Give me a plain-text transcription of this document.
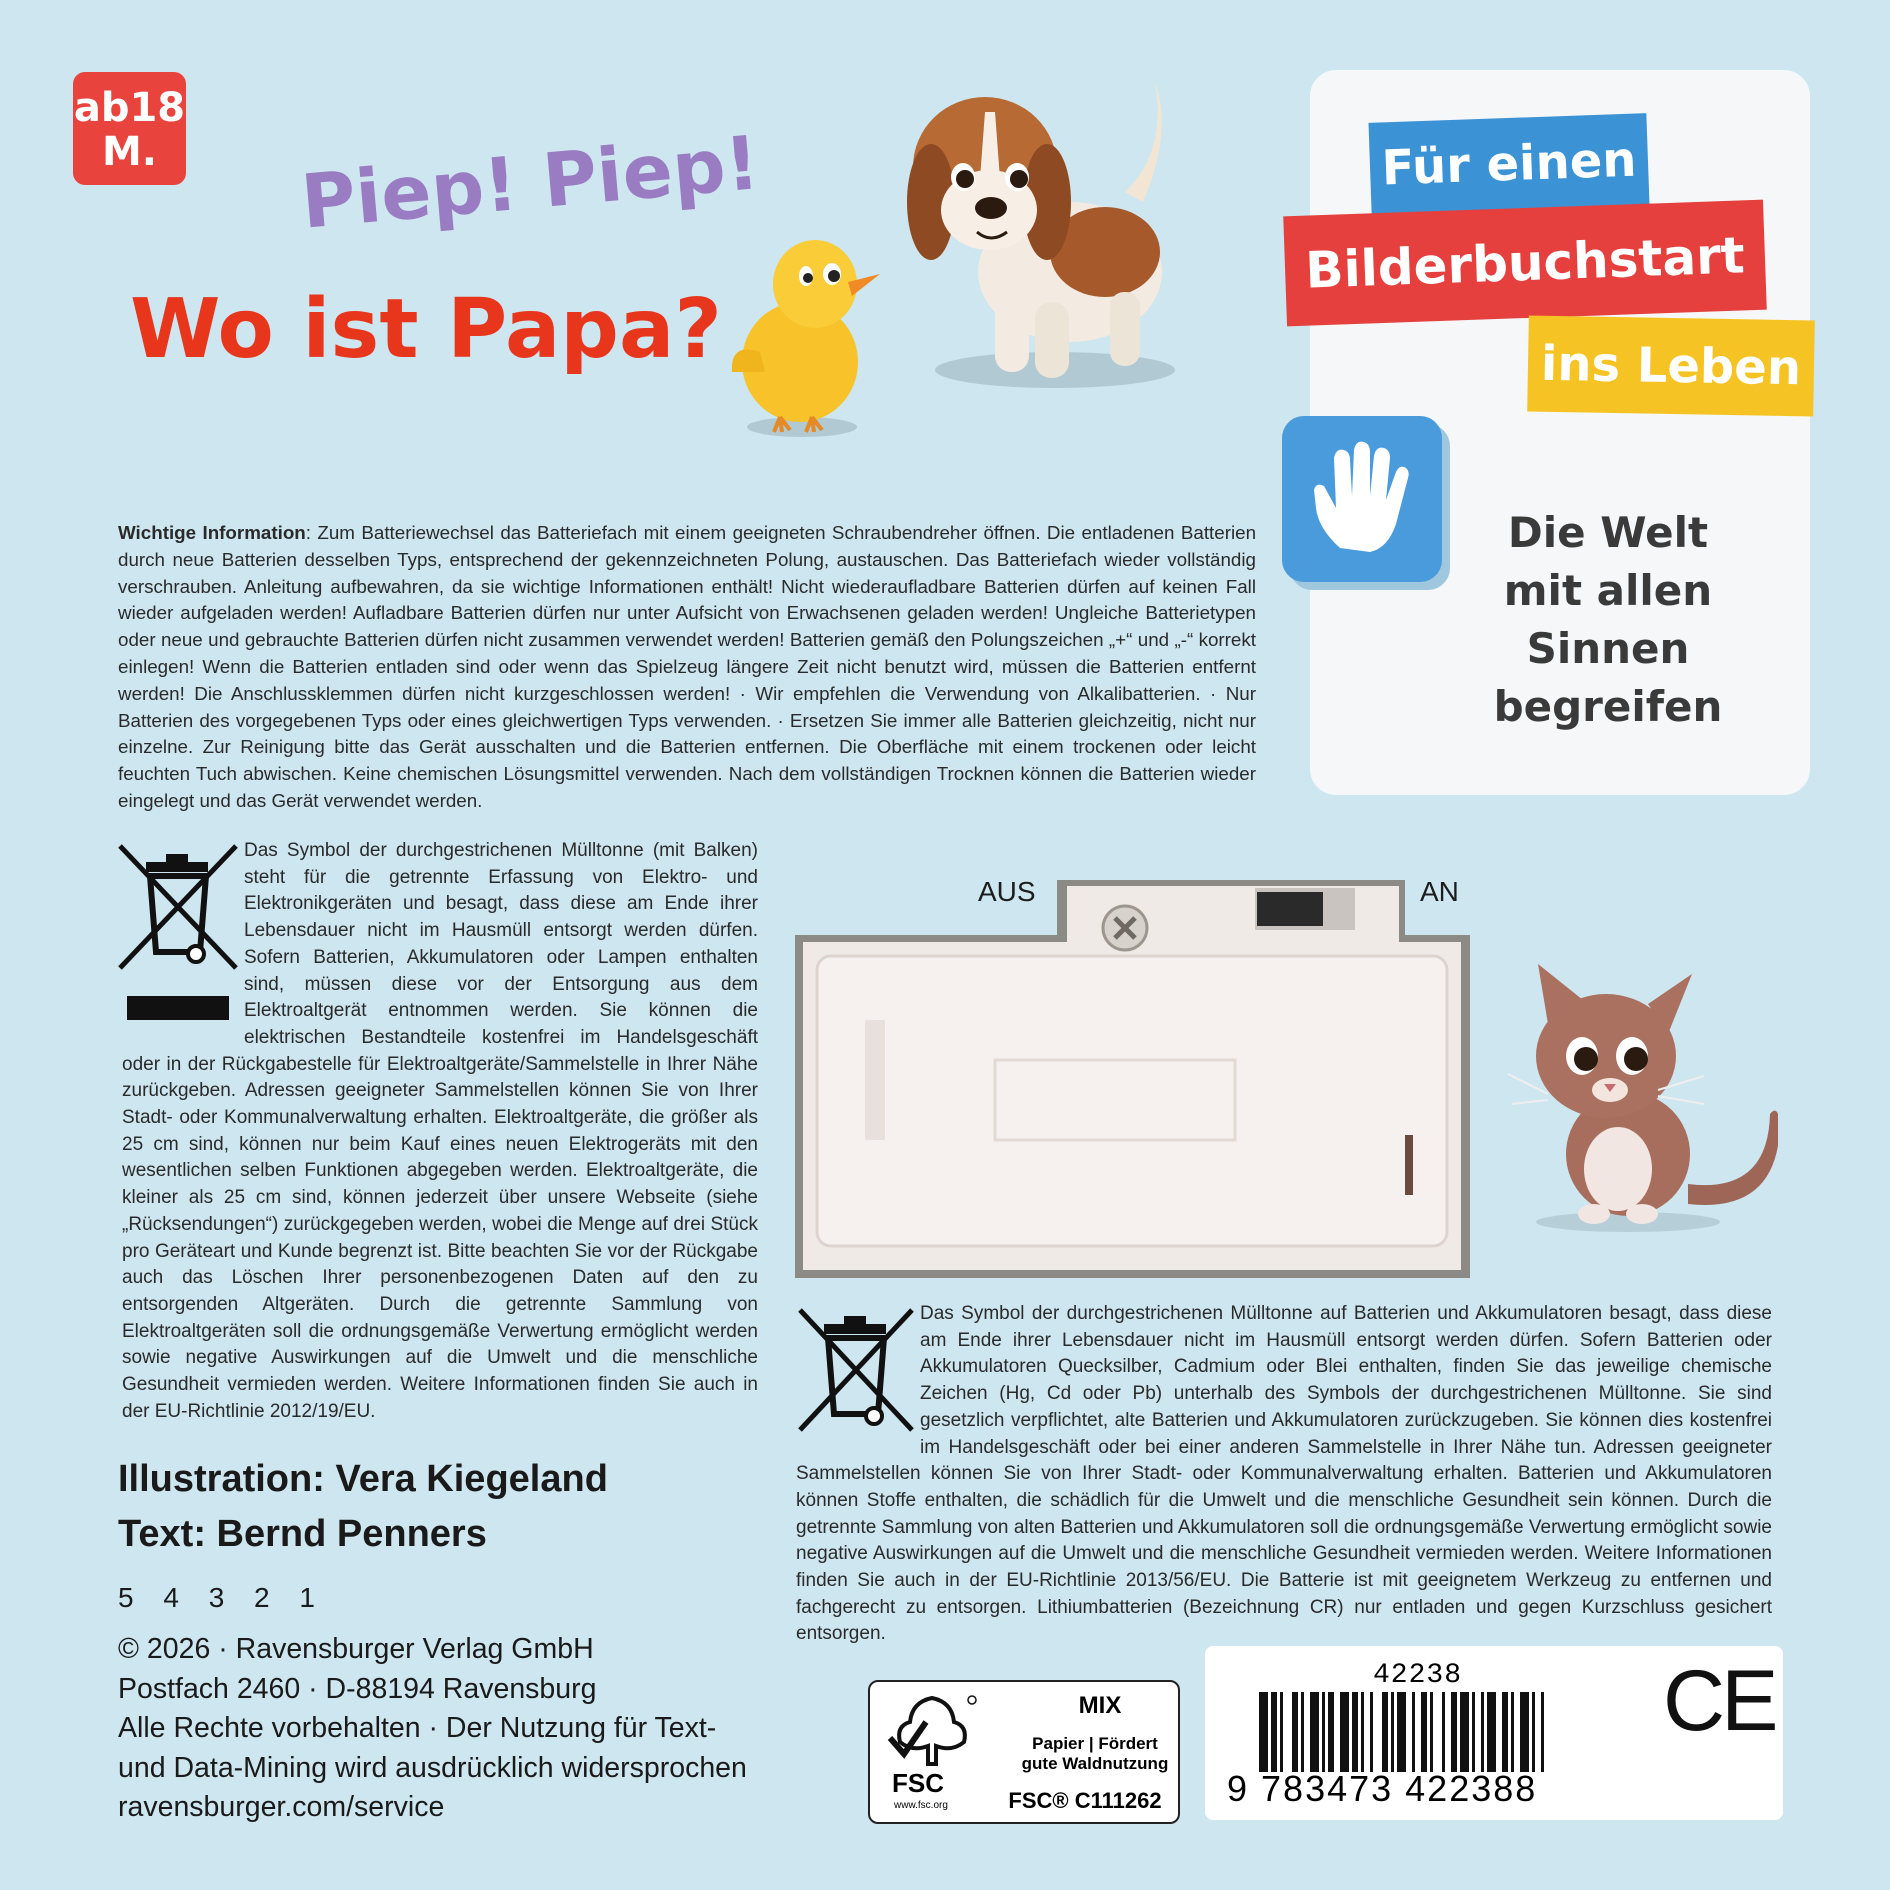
ab18
M.	Piep! Piep!
Wo ist Papa?
Für einen
Bilderbuchstart
ins Leben
Die Welt
mit allen
Sinnen
begreifen
Wichtige Information: Zum Batteriewechsel das Batteriefach mit einem geeigneten Schraubendreher öffnen. Die entladenen Batterien durch neue Batterien desselben Typs, entsprechend der gekennzeichneten Polung, austauschen. Das Batteriefach wieder vollständig verschrauben. Anleitung aufbewahren, da sie wichtige Informationen enthält! Nicht wiederaufladbare Batterien dürfen auf keinen Fall wieder aufgeladen werden! Aufladbare Batterien dürfen nur unter Aufsicht von Erwachsenen geladen werden! Ungleiche Batterietypen oder neue und gebrauchte Batterien dürfen nicht zusammen verwendet werden! Batterien gemäß den Polungszeichen „+“ und „-“ korrekt einlegen! Wenn die Batterien entladen sind oder wenn das Spielzeug längere Zeit nicht benutzt wird, müssen die Batterien entfernt werden! Die Anschlussklemmen dürfen nicht kurzgeschlossen werden! · Wir empfehlen die Verwendung von Alkalibatterien. · Nur Batterien des vorgegebenen Typs oder eines gleichwertigen Typs verwenden. · Ersetzen Sie immer alle Batterien gleichzeitig, nicht nur einzelne. Zur Reinigung bitte das Gerät ausschalten und die Batterien entfernen. Die Oberfläche mit einem trockenen oder leicht feuchten Tuch abwischen. Keine chemischen Lösungsmittel verwenden. Nach dem vollständigen Trocknen können die Batterien wieder eingelegt und das Gerät verwendet werden.
Das Symbol der durchgestrichenen Mülltonne (mit Balken) steht für die getrennte Erfassung von Elektro- und Elektronikgeräten und besagt, dass diese am Ende ihrer Lebensdauer nicht im Hausmüll entsorgt werden dürfen. Sofern Batterien, Akkumulatoren oder Lampen enthalten sind, müssen diese vor der Entsorgung aus dem Elektroaltgerät entnommen werden. Sie können die elektrischen Bestandteile kostenfrei im Handelsgeschäft oder in der Rückgabestelle für Elektroaltgeräte/Sammelstelle in Ihrer Nähe zurückgeben. Adressen geeigneter Sammelstellen können Sie von Ihrer Stadt- oder Kommunalverwaltung erhalten. Elektroaltgeräte, die größer als 25 cm sind, können nur beim Kauf eines neuen Elektrogeräts mit den wesentlichen selben Funktionen abgegeben werden. Elektroaltgeräte, die kleiner als 25 cm sind, können jederzeit über unsere Webseite (siehe „Rücksendungen“) zurückgegeben werden, wobei die Menge auf drei Stück pro Geräteart und Kunde begrenzt ist. Bitte beachten Sie vor der Rückgabe auch das Löschen Ihrer personenbezogenen Daten auf den zu entsorgenden Altgeräten. Durch die getrennte Sammlung von Elektroaltgeräten soll die ordnungsgemäße Verwertung ermöglicht werden sowie negative Auswirkungen auf die Umwelt und die menschliche Gesundheit vermieden werden. Weitere Informationen finden Sie auch in der EU-Richtlinie 2012/19/EU.
AUS	AN
Das Symbol der durchgestrichenen Mülltonne auf Batterien und Akkumulatoren besagt, dass diese am Ende ihrer Lebensdauer nicht im Hausmüll entsorgt werden dürfen. Sofern Batterien oder Akkumulatoren Quecksilber, Cadmium oder Blei enthalten, finden Sie das jeweilige chemische Zeichen (Hg, Cd oder Pb) unterhalb des Symbols der durchgestrichenen Mülltonne. Sie sind gesetzlich verpflichtet, alte Batterien und Akkumulatoren zurückzugeben. Sie können dies kostenfrei im Handelsgeschäft oder bei einer anderen Sammelstelle in Ihrer Nähe tun. Adressen geeigneter Sammelstellen können Sie von Ihrer Stadt- oder Kommunalverwaltung erhalten. Batterien und Akkumulatoren können Stoffe enthalten, die schädlich für die Umwelt und die menschliche Gesundheit sein können. Durch die getrennte Sammlung von alten Batterien und Akkumulatoren soll die ordnungsgemäße Verwertung ermöglicht sowie negative Auswirkungen auf die Umwelt und die menschliche Gesundheit vermieden werden. Weitere Informationen finden Sie auch in der EU-Richtlinie 2013/56/EU. Die Batterie ist mit geeignetem Werkzeug zu entfernen und fachgerecht zu entsorgen. Lithiumbatterien (Bezeichnung CR) nur entladen und gegen Kurzschluss gesichert entsorgen.
Illustration: Vera Kiegeland
Text: Bernd Penners
5 4 3 2 1
© 2026 · Ravensburger Verlag GmbH
Postfach 2460 · D-88194 Ravensburg
Alle Rechte vorbehalten · Der Nutzung für Text-
und Data-Mining wird ausdrücklich widersprochen
ravensburger.com/service
FSC
www.fsc.org
MIX
Papier | Fördert
gute Waldnutzung
FSC® C111262
42238
9 783473 422388
CE
